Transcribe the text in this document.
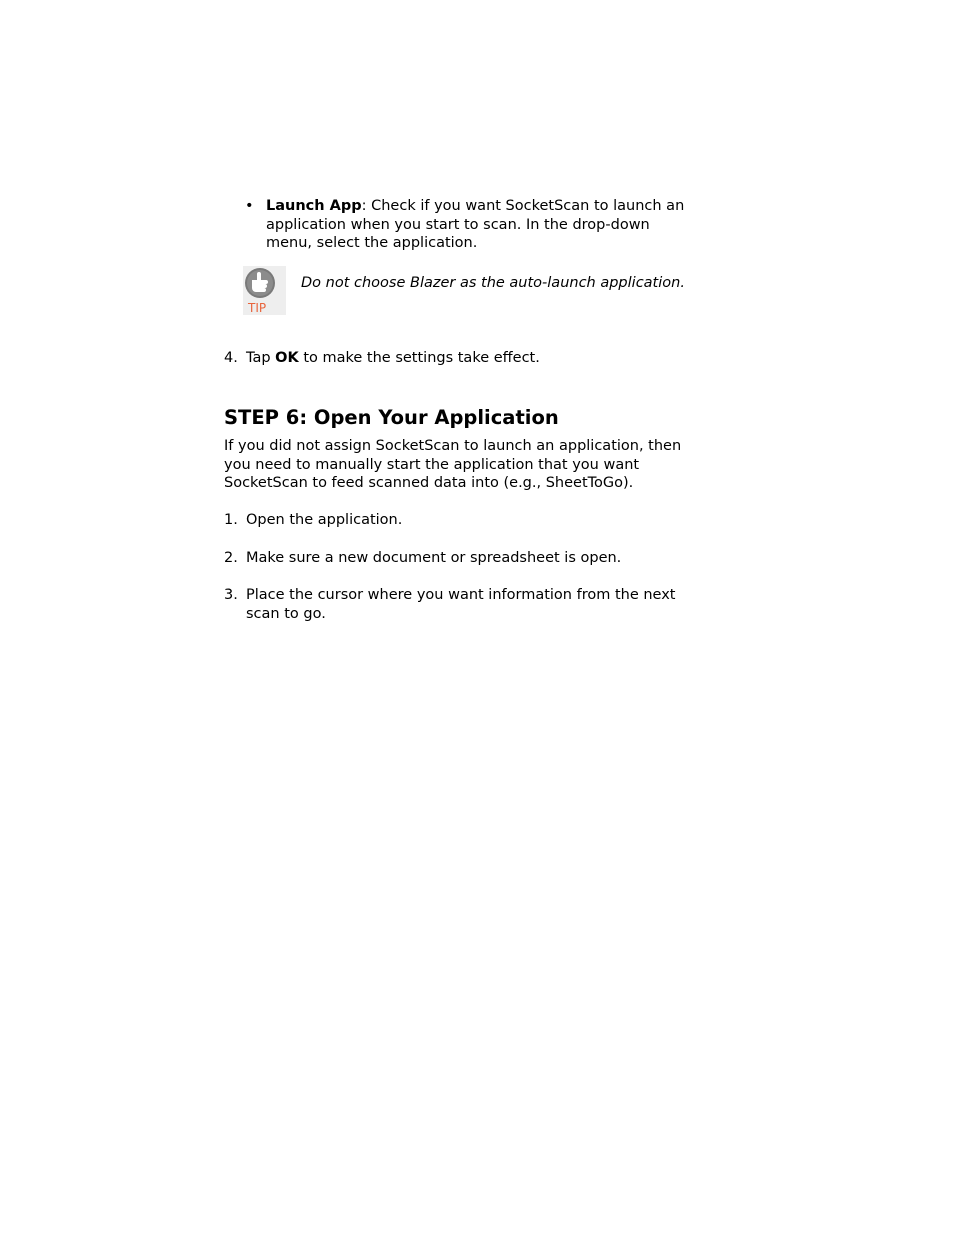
• Launch App: Check if you want SocketScan to launch an application when you start to scan. In the drop-down menu, select the application.
TIP
Do not choose Blazer as the auto-launch application.
4. Tap OK to make the settings take effect.
STEP 6: Open Your Application
If you did not assign SocketScan to launch an application, then you need to manually start the application that you want SocketScan to feed scanned data into (e.g., SheetToGo).
1. Open the application.
2. Make sure a new document or spreadsheet is open.
3. Place the cursor where you want information from the next scan to go.
